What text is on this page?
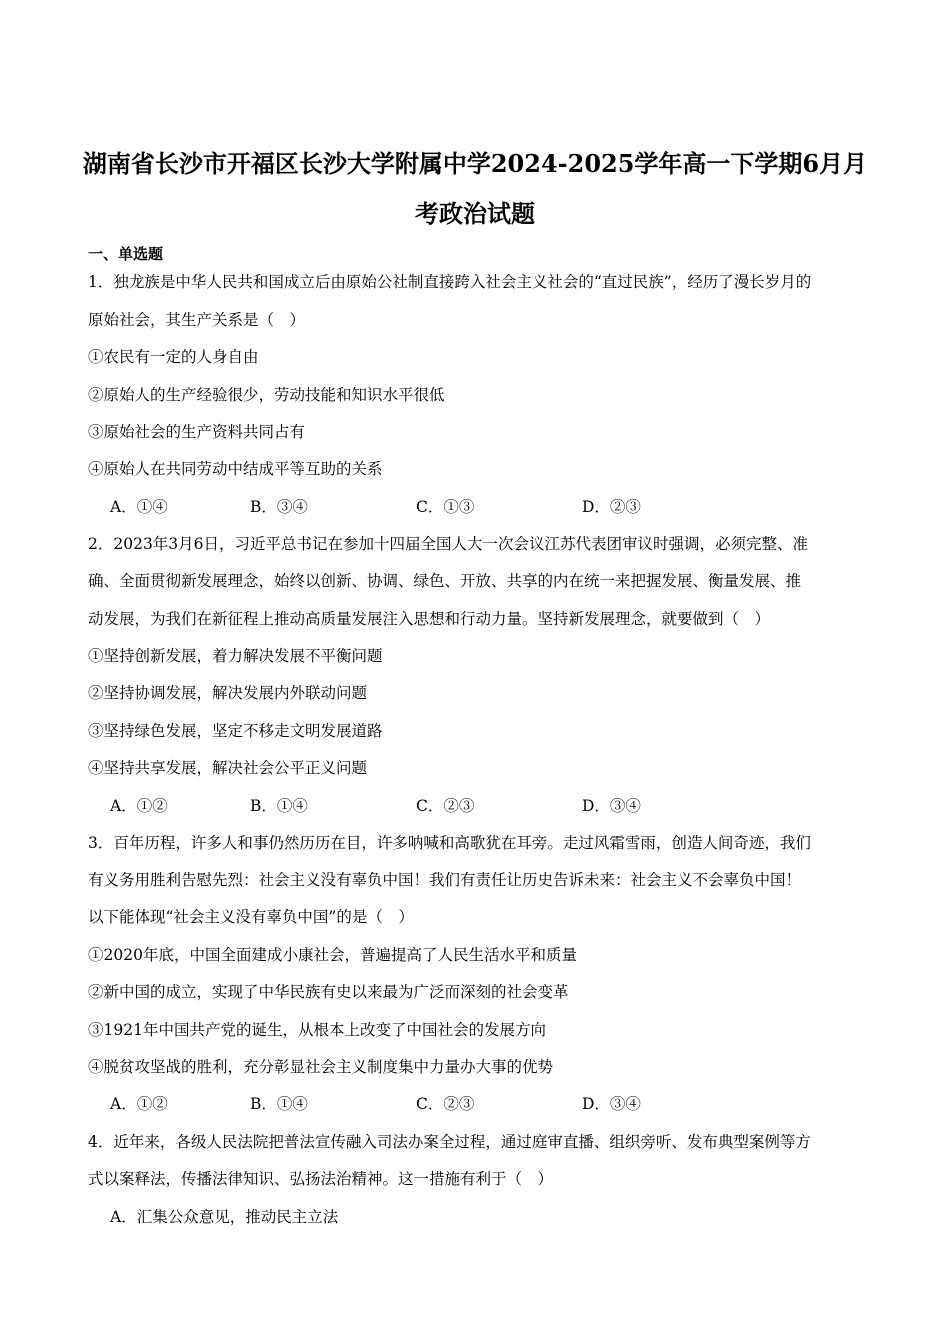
湖南省长沙市开福区长沙大学附属中学2024-2025学年高一下学期6月月
考政治试题
一、单选题
1．独龙族是中华人民共和国成立后由原始公社制直接跨入社会主义社会的“直过民族”，经历了漫长岁月的
原始社会，其生产关系是（　）
①农民有一定的人身自由
②原始人的生产经验很少，劳动技能和知识水平很低
③原始社会的生产资料共同占有
④原始人在共同劳动中结成平等互助的关系
A．①④	B．③④	C．①③	D．②③
2．2023年3月6日，习近平总书记在参加十四届全国人大一次会议江苏代表团审议时强调，必须完整、准
确、全面贯彻新发展理念，始终以创新、协调、绿色、开放、共享的内在统一来把握发展、衡量发展、推
动发展，为我们在新征程上推动高质量发展注入思想和行动力量。坚持新发展理念，就要做到（　）
①坚持创新发展，着力解决发展不平衡问题
②坚持协调发展，解决发展内外联动问题
③坚持绿色发展，坚定不移走文明发展道路
④坚持共享发展，解决社会公平正义问题
A．①②	B．①④	C．②③	D．③④
3．百年历程，许多人和事仍然历历在目，许多呐喊和高歌犹在耳旁。走过风霜雪雨，创造人间奇迹，我们
有义务用胜利告慰先烈：社会主义没有辜负中国！我们有责任让历史告诉未来：社会主义不会辜负中国！
以下能体现“社会主义没有辜负中国”的是（　）
①2020年底，中国全面建成小康社会，普遍提高了人民生活水平和质量
②新中国的成立，实现了中华民族有史以来最为广泛而深刻的社会变革
③1921年中国共产党的诞生，从根本上改变了中国社会的发展方向
④脱贫攻坚战的胜利，充分彰显社会主义制度集中力量办大事的优势
A．①②	B．①④	C．②③	D．③④
4．近年来，各级人民法院把普法宣传融入司法办案全过程，通过庭审直播、组织旁听、发布典型案例等方
式以案释法，传播法律知识、弘扬法治精神。这一措施有利于（　）
A．汇集公众意见，推动民主立法
